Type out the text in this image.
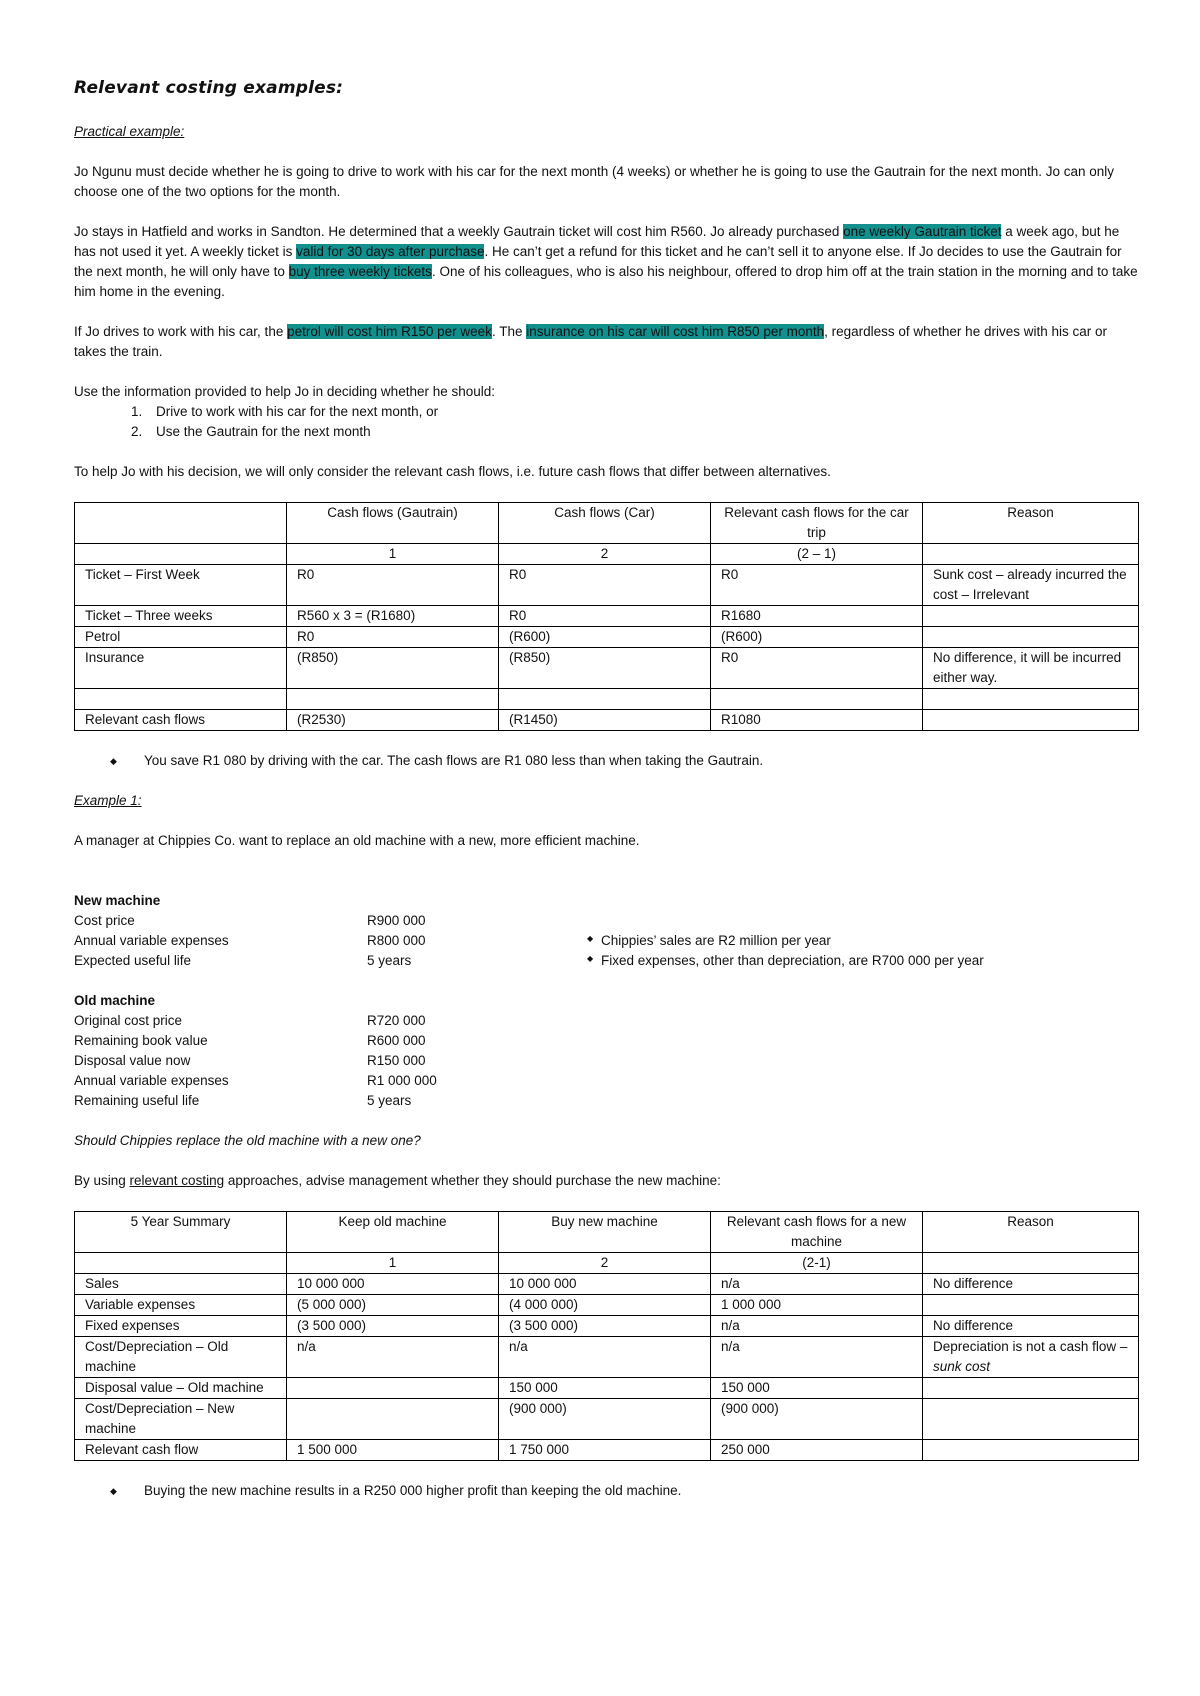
Relevant costing examples:
Practical example:

Jo Ngunu must decide whether he is going to drive to work with his car for the next month (4 weeks) or whether he is going to use the Gautrain for the next month. Jo can only choose one of the two options for the month.

Jo stays in Hatfield and works in Sandton. He determined that a weekly Gautrain ticket will cost him R560. Jo already purchased one weekly Gautrain ticket a week ago, but he has not used it yet. A weekly ticket is valid for 30 days after purchase. He can’t get a refund for this ticket and he can’t sell it to anyone else. If Jo decides to use the Gautrain for the next month, he will only have to buy three weekly tickets. One of his colleagues, who is also his neighbour, offered to drop him off at the train station in the morning and to take him home in the evening.

If Jo drives to work with his car, the petrol will cost him R150 per week. The insurance on his car will cost him R850 per month, regardless of whether he drives with his car or takes the train.

Use the information provided to help Jo in deciding whether he should:
1. Drive to work with his car for the next month, or
2. Use the Gautrain for the next month

To help Jo with his decision, we will only consider the relevant cash flows, i.e. future cash flows that differ between alternatives.

	Cash flows (Gautrain)	Cash flows (Car)	Relevant cash flows for the car trip	Reason
	1	2	(2 – 1)	
Ticket – First Week	R0	R0	R0	Sunk cost – already incurred the cost – Irrelevant
Ticket – Three weeks	R560 x 3 = (R1680)	R0	R1680	
Petrol	R0	(R600)	(R600)	
Insurance	(R850)	(R850)	R0	No difference, it will be incurred either way.

Relevant cash flows	(R2530)	(R1450)	R1080	
◆ You save R1 080 by driving with the car. The cash flows are R1 080 less than when taking the Gautrain.
Example 1:

A manager at Chippies Co. want to replace an old machine with a new, more efficient machine.

New machine
Cost price	R900 000
Annual variable expenses	R800 000	◆ Chippies’ sales are R2 million per year
Expected useful life	5 years	◆ Fixed expenses, other than depreciation, are R700 000 per year
Old machine
Original cost price	R720 000
Remaining book value	R600 000
Disposal value now	R150 000
Annual variable expenses	R1 000 000
Remaining useful life	5 years

Should Chippies replace the old machine with a new one?

By using relevant costing approaches, advise management whether they should purchase the new machine:

5 Year Summary	Keep old machine	Buy new machine	Relevant cash flows for a new machine	Reason
	1	2	(2-1)	
Sales	10 000 000	10 000 000	n/a	No difference
Variable expenses	(5 000 000)	(4 000 000)	1 000 000	
Fixed expenses	(3 500 000)	(3 500 000)	n/a	No difference
Cost/Depreciation – Old machine	n/a	n/a	n/a	Depreciation is not a cash flow – sunk cost
Disposal value – Old machine		150 000	150 000	
Cost/Depreciation – New machine		(900 000)	(900 000)	
Relevant cash flow	1 500 000	1 750 000	250 000	
◆ Buying the new machine results in a R250 000 higher profit than keeping the old machine.
